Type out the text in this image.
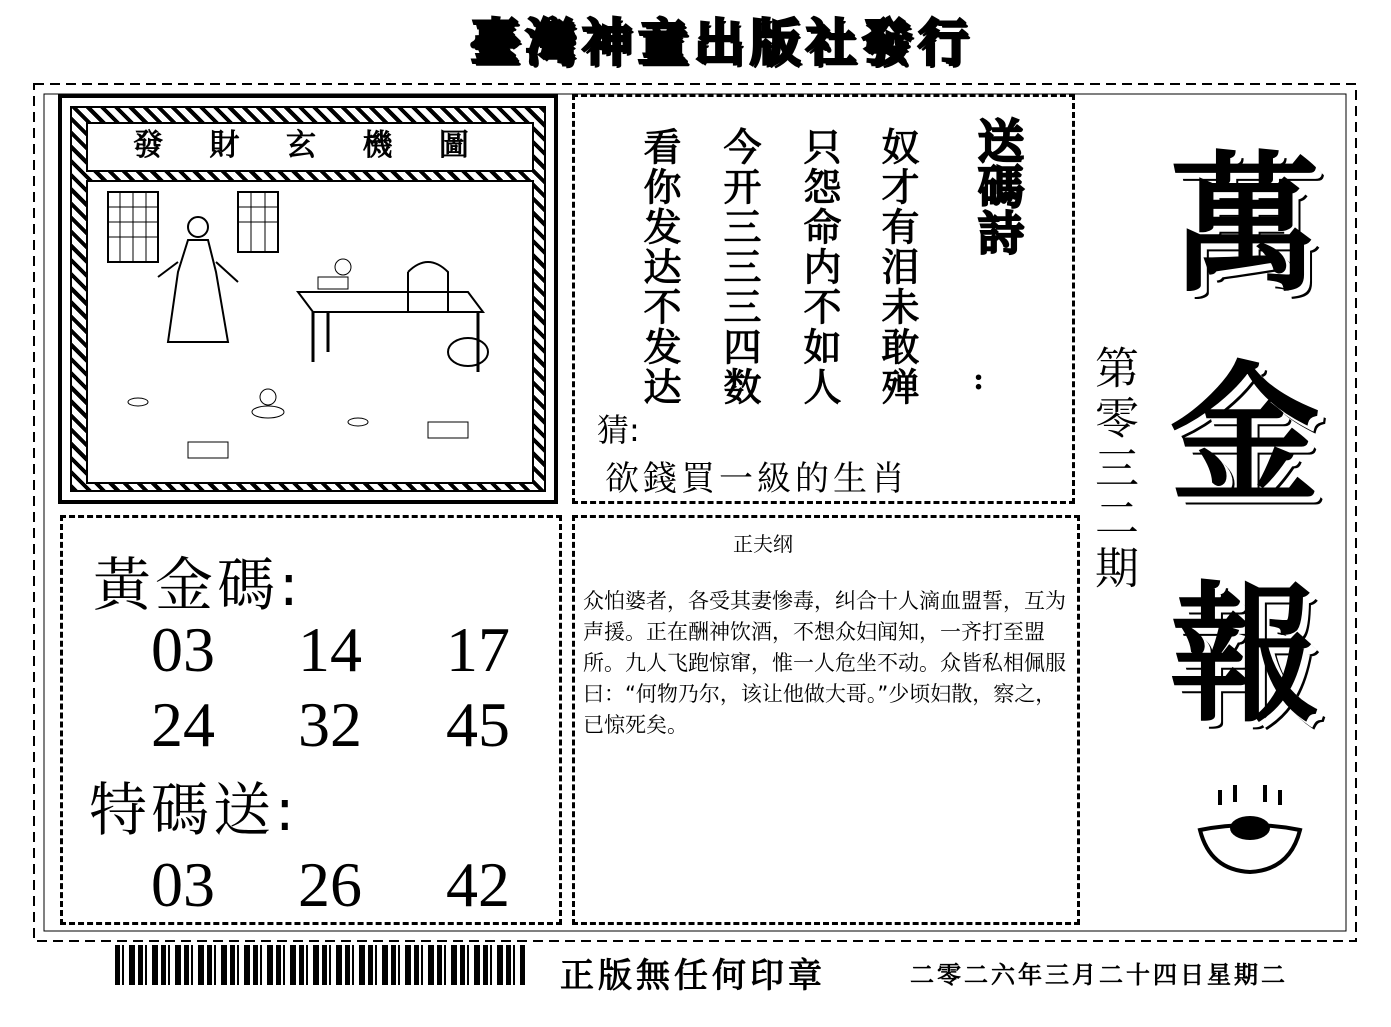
臺灣神童出版社發行
發 財 玄 機 圖	送碼詩
:
奴才有泪未敢殚
只怨命内不如人
今开三三三四数
看你发达不发达
猜:
欲錢買一級的生肖
黃金碼:
03	14	17
24	32	45
特碼送:
03	26	42
正夫纲
众怕婆者，各受其妻惨毒，纠合十人滴血盟誓，互为声援。正在酬神饮酒，不想众妇闻知，一齐打至盟所。九人飞跑惊窜，惟一人危坐不动。众皆私相佩服曰：“何物乃尔，该让他做大哥。”少顷妇散，察之，已惊死矣。
第零三二期
萬
金
報
正版無任何印章	二零二六年三月二十四日星期二
